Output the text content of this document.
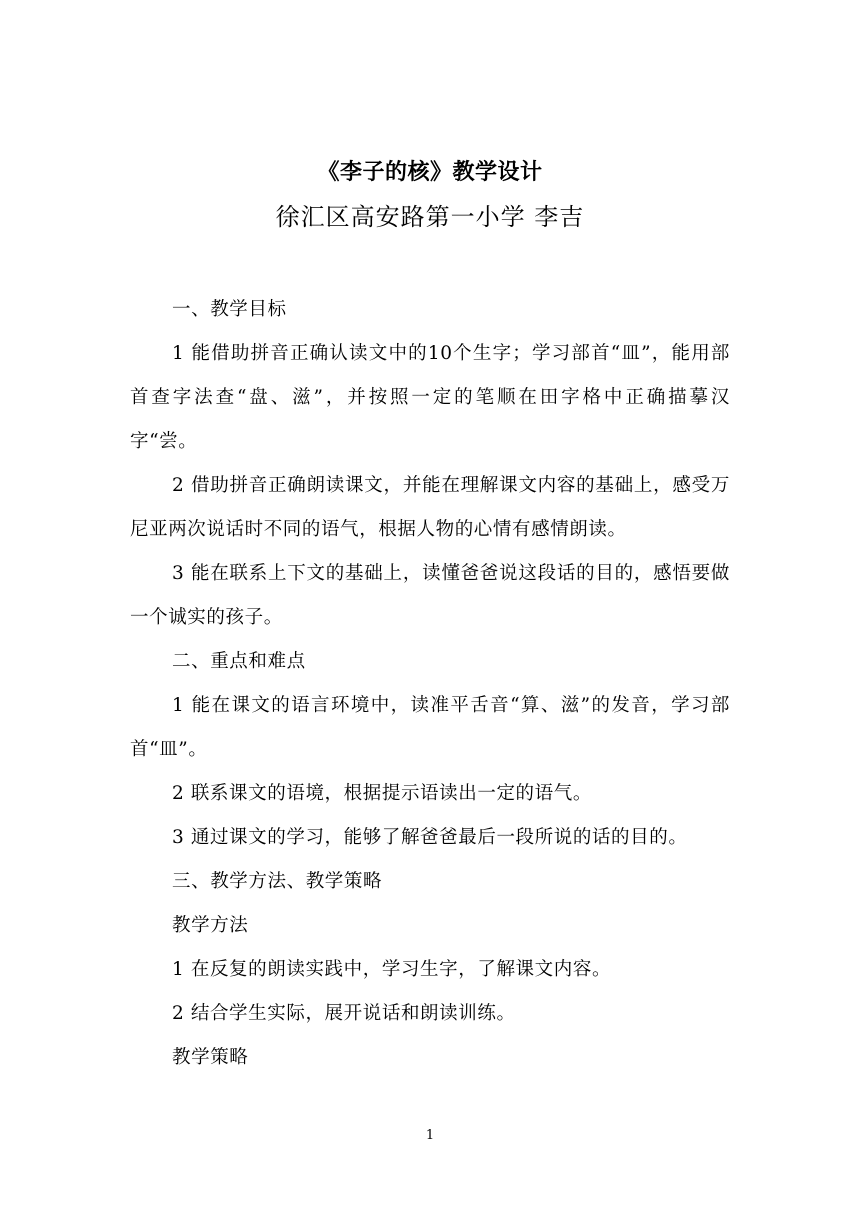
《李子的核》教学设计
徐汇区高安路第一小学 李吉

一、教学目标

1 能借助拼音正确认读文中的10个生字；学习部首“皿”，能用部首查字法查“盘、滋”，并按照一定的笔顺在田字格中正确描摹汉字“尝。

2 借助拼音正确朗读课文，并能在理解课文内容的基础上，感受万尼亚两次说话时不同的语气，根据人物的心情有感情朗读。

3 能在联系上下文的基础上，读懂爸爸说这段话的目的，感悟要做一个诚实的孩子。

二、重点和难点

1 能在课文的语言环境中，读准平舌音“算、滋”的发音，学习部首“皿”。

2 联系课文的语境，根据提示语读出一定的语气。

3 通过课文的学习，能够了解爸爸最后一段所说的话的目的。

三、教学方法、教学策略

教学方法

1 在反复的朗读实践中，学习生字，了解课文内容。

2 结合学生实际，展开说话和朗读训练。

教学策略

1
